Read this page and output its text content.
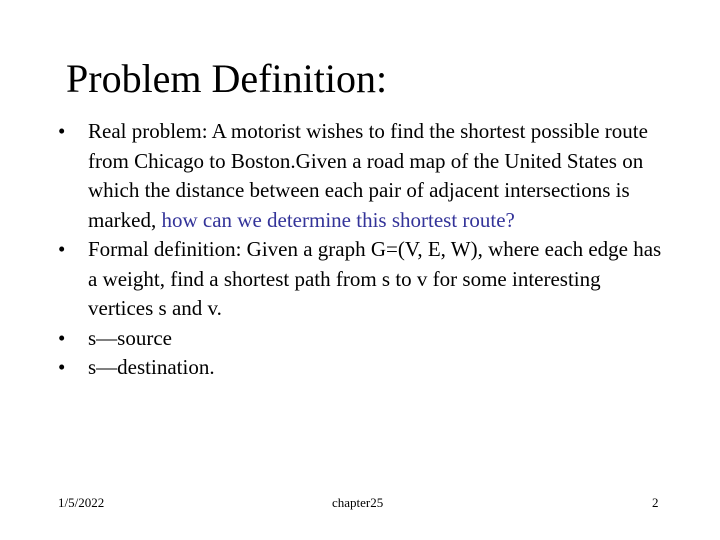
Problem Definition:
•	Real problem: A motorist wishes to find the shortest possible route from Chicago to Boston.Given a road map of the United States on which the distance between each pair of adjacent intersections is marked, how can we determine this shortest route?
•	Formal definition: Given a graph G=(V, E, W), where each edge has a weight, find a shortest path from s to v for some interesting vertices s and v.
•	s—source
•	s—destination.
1/5/2022	chapter25	2
